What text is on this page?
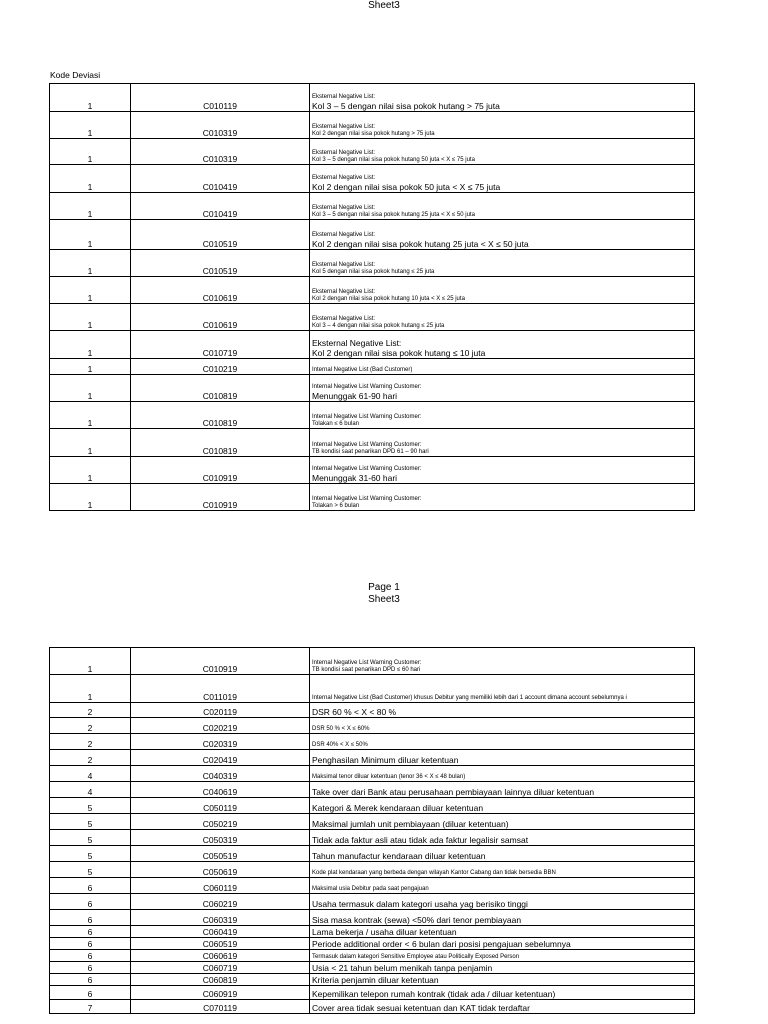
Sheet3
Kode Deviasi
1	C010119	Eksternal Negative List:
Kol 3 – 5 dengan nilai sisa pokok hutang > 75 juta

1	C010319	Eksternal Negative List:
Kol 2 dengan nilai sisa pokok hutang > 75 juta

1	C010319	Eksternal Negative List:
Kol 3 – 5 dengan nilai sisa pokok hutang 50 juta < X ≤ 75 juta

1	C010419	Eksternal Negative List:
Kol 2 dengan nilai sisa pokok 50 juta < X ≤ 75 juta

1	C010419	Eksternal Negative List:
Kol 3 – 5 dengan nilai sisa pokok hutang 25 juta < X ≤ 50 juta

1	C010519	Eksternal Negative List:
Kol 2 dengan nilai sisa pokok hutang 25 juta < X ≤ 50 juta

1	C010519	Eksternal Negative List:
Kol 5 dengan nilai sisa pokok hutang ≤ 25 juta

1	C010619	Eksternal Negative List:
Kol 2 dengan nilai sisa pokok hutang 10 juta < X ≤ 25 juta

1	C010619	Eksternal Negative List:
Kol 3 – 4 dengan nilai sisa pokok hutang ≤ 25 juta

1	C010719	Eksternal Negative List:
Kol 2 dengan nilai sisa pokok hutang ≤ 10 juta

1	C010219	Internal Negative List (Bad Customer)

1	C010819	Internal Negative List Warning Customer:
Menunggak 61-90 hari

1	C010819	Internal Negative List Warning Customer:
Tolakan ≤ 6 bulan

1	C010819	Internal Negative List Warning Customer:
TB kondisi saat penarikan DPD 61 – 90 hari

1	C010919	Internal Negative List Warning Customer:
Menunggak 31-60 hari

1	C010919	Internal Negative List Warning Customer:
Tolakan > 6 bulan
Page 1
Sheet3
1	C010919	Internal Negative List Warning Customer:
TB kondisi saat penarikan DPD ≤ 60 hari

1	C011019	Internal Negative List (Bad Customer) khusus Debitur yang memiliki lebih dari 1 account dimana account sebelumnya i

2	C020119	DSR 60 % < X < 80 %

2	C020219	DSR 50 % < X ≤ 60%

2	C020319	DSR 40% < X ≤ 50%

2	C020419	Penghasilan Minimum diluar ketentuan

4	C040319	Maksimal tenor diluar ketentuan (tenor 36 < X ≤ 48 bulan)

4	C040619	Take over dari Bank atau perusahaan pembiayaan lainnya diluar ketentuan

5	C050119	Kategori & Merek kendaraan diluar ketentuan

5	C050219	Maksimal jumlah unit pembiayaan (diluar ketentuan)

5	C050319	Tidak ada faktur asli atau tidak ada faktur legalisir samsat

5	C050519	Tahun manufactur kendaraan diluar ketentuan

5	C050619	Kode plat kendaraan yang berbeda dengan wilayah Kantor Cabang dan tidak bersedia BBN

6	C060119	Maksimal usia Debitur pada saat pengajuan

6	C060219	Usaha termasuk dalam kategori usaha yag berisiko tinggi

6	C060319	Sisa masa kontrak (sewa) <50% dari tenor pembiayaan

6	C060419	Lama bekerja / usaha diluar ketentuan

6	C060519	Periode additional order < 6 bulan dari posisi pengajuan sebelumnya

6	C060619	Termasuk dalam kategori Sensitive Employee atau Politically Exposed Person

6	C060719	Usia < 21 tahun belum menikah tanpa penjamin

6	C060819	Kriteria penjamin diluar ketentuan

6	C060919	Kepemilikan telepon rumah kontrak (tidak ada / diluar ketentuan)

7	C070119	Cover area tidak sesuai ketentuan dan KAT tidak terdaftar
